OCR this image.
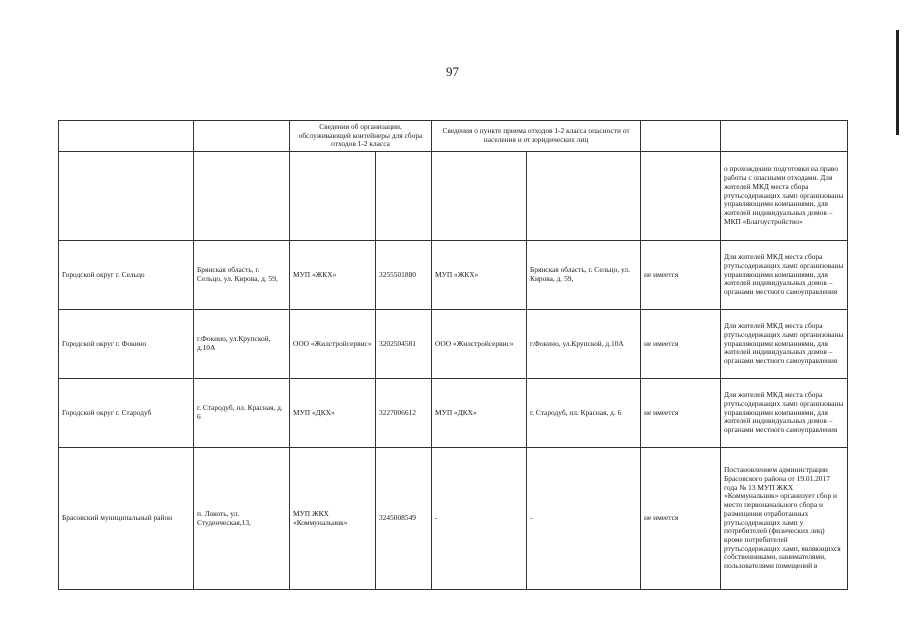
97
		Сведения об организации, обслуживающей контейнеры для сбора отходов 1-2 класса		Сведения о пункте приема отходов 1-2 класса опасности от населения и от юридических лиц			
							о прохождении подготовки на право работы с опасными отходами. Для жителей МКД места сбора ртутьсодержащих ламп организованы управляющими компаниями, для жителей индивидуальных домов – МКП «Благоустройство»
Городской округ г. Сельцо	Брянская область, г. Сельцо, ул. Кирова, д. 59,	МУП «ЖКХ»	3255501880	МУП «ЖКХ»	Брянская область, г. Сельцо, ул. Кирова, д. 59,	не имеется	Для жителей МКД места сбора ртутьсодержащих ламп организованы управляющими компаниями, для жителей индивидуальных домов – органами местного самоуправления
Городской округ г. Фокино	г.Фокино, ул.Крупской, д.10А	ООО «Жилстройсервис»	3202504581	ООО «Жилстройсервис»	г.Фокино, ул.Крупской, д.10А	не имеется	Для жителей МКД места сбора ртутьсодержащих ламп организованы управляющими компаниями, для жителей индивидуальных домов – органами местного самоуправления
Городской округ г. Стародуб	г. Стародуб, пл. Красная, д. 6	МУП «ДКХ»	3227006612	МУП «ДКХ»	г. Стародуб, пл. Красная, д. 6	не имеется	Для жителей МКД места сбора ртутьсодержащих ламп организованы управляющими компаниями, для жителей индивидуальных домов – органами местного самоуправления
Брасовский муниципальный район	п. Локоть, ул. Студенческая,13,	МУП ЖКХ «Коммунальник»	3245008549	-	-	не имеется	Постановлением администрации Брасовского района от 19.01.2017 года № 13 МУП ЖКХ «Коммунальник» организует сбор и место первоначального сбора и размещения отработанных ртутьсодержащих ламп у потребителей (физических лиц) кроме потребителей ртутьсодержащих ламп, являющихся собственниками, нанимателями, пользователями помещений в
